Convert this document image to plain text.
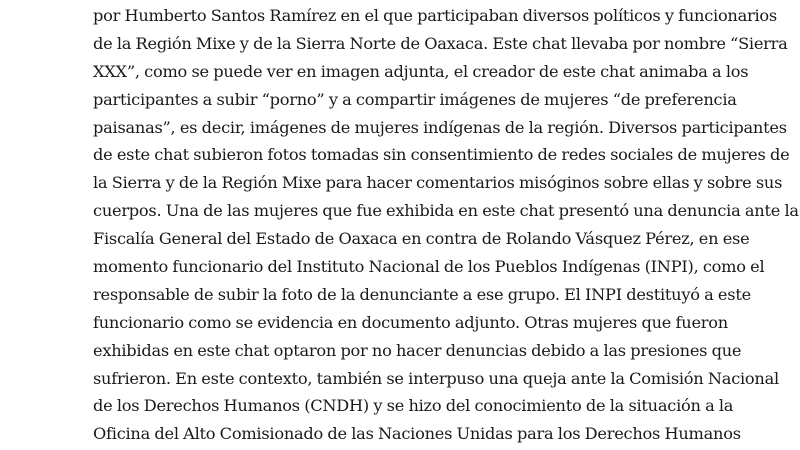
por Humberto Santos Ramírez en el que participaban diversos políticos y funcionarios
de la Región Mixe y de la Sierra Norte de Oaxaca. Este chat llevaba por nombre “Sierra
XXX”, como se puede ver en imagen adjunta, el creador de este chat animaba a los
participantes a subir “porno” y a compartir imágenes de mujeres “de preferencia
paisanas”, es decir, imágenes de mujeres indígenas de la región. Diversos participantes
de este chat subieron fotos tomadas sin consentimiento de redes sociales de mujeres de
la Sierra y de la Región Mixe para hacer comentarios misóginos sobre ellas y sobre sus
cuerpos. Una de las mujeres que fue exhibida en este chat presentó una denuncia ante la
Fiscalía General del Estado de Oaxaca en contra de Rolando Vásquez Pérez, en ese
momento funcionario del Instituto Nacional de los Pueblos Indígenas (INPI), como el
responsable de subir la foto de la denunciante a ese grupo. El INPI destituyó a este
funcionario como se evidencia en documento adjunto. Otras mujeres que fueron
exhibidas en este chat optaron por no hacer denuncias debido a las presiones que
sufrieron. En este contexto, también se interpuso una queja ante la Comisión Nacional
de los Derechos Humanos (CNDH) y se hizo del conocimiento de la situación a la
Oficina del Alto Comisionado de las Naciones Unidas para los Derechos Humanos
